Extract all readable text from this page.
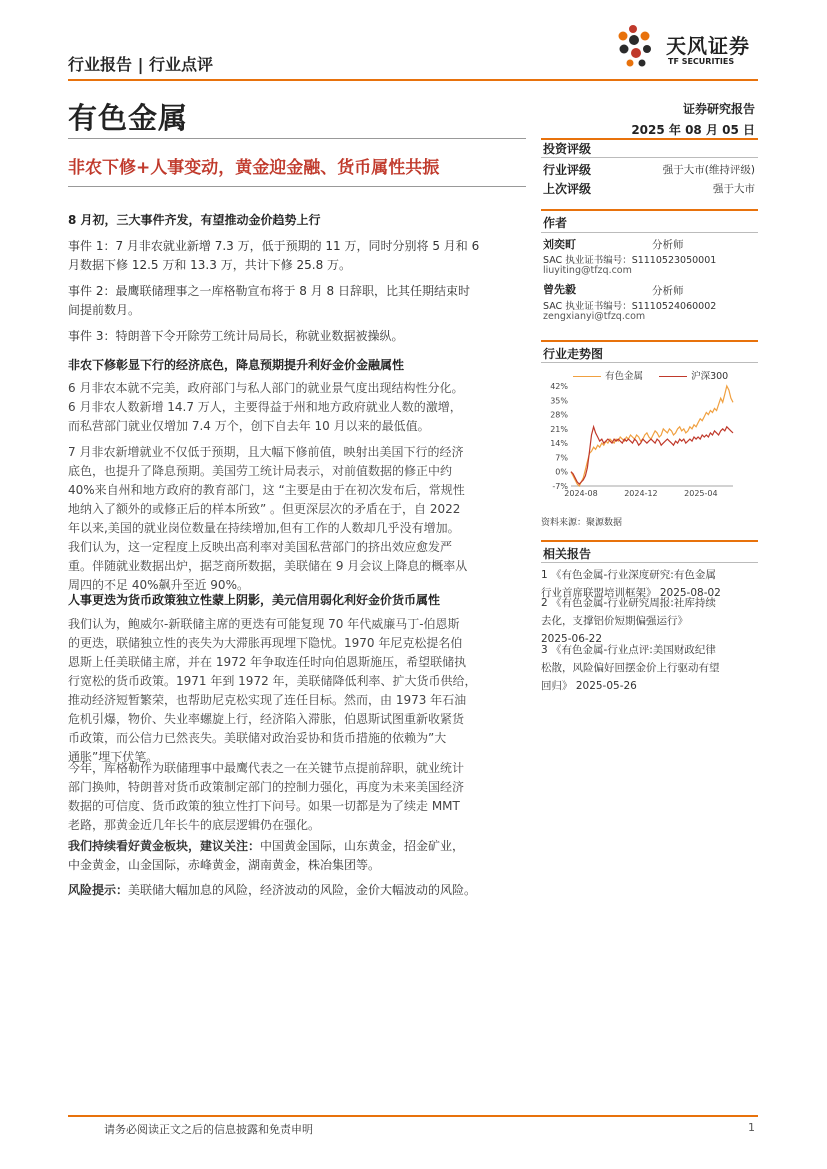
行业报告 | 行业点评
天风证券
TF SECURITIES
有色金属	证券研究报告
2025 年 08 月 05 日
非农下修+人事变动，黄金迎金融、货币属性共振
投资评级
行业评级	强于大市(维持评级)
上次评级	强于大市
作者
刘奕町	分析师
SAC 执业证书编号：S1110523050001
liuyiting@tfzq.com
曾先毅	分析师
SAC 执业证书编号：S1110524060002
zengxianyi@tfzq.com
行业走势图
有色金属	沪深300
42%
35%
28%
21%
14%
7%
0%
-7%
2024-08	2024-12	2025-04
资料来源：聚源数据
相关报告
1 《有色金属-行业深度研究:有色金属
行业首席联盟培训框架》 2025-08-02
2 《有色金属-行业研究周报:社库持续
去化，支撑铝价短期偏强运行》
2025-06-22
3 《有色金属-行业点评:美国财政纪律
松散，风险偏好回摆金价上行驱动有望
回归》 2025-05-26
8 月初，三大事件齐发，有望推动金价趋势上行
事件 1：7 月非农就业新增 7.3 万，低于预期的 11 万，同时分别将 5 月和 6
月数据下修 12.5 万和 13.3 万，共计下修 25.8 万。
事件 2：最鹰联储理事之一库格勒宣布将于 8 月 8 日辞职，比其任期结束时
间提前数月。
事件 3：特朗普下令开除劳工统计局局长，称就业数据被操纵。
非农下修彰显下行的经济底色，降息预期提升利好金价金融属性
6 月非农本就不完美，政府部门与私人部门的就业景气度出现结构性分化。
6 月非农人数新增 14.7 万人，主要得益于州和地方政府就业人数的激增，
而私营部门就业仅增加 7.4 万个，创下自去年 10 月以来的最低值。
7 月非农新增就业不仅低于预期，且大幅下修前值，映射出美国下行的经济
底色，也提升了降息预期。美国劳工统计局表示，对前值数据的修正中约
40%来自州和地方政府的教育部门，这 “主要是由于在初次发布后，常规性
地纳入了额外的或修正后的样本所致” 。但更深层次的矛盾在于，自 2022
年以来,美国的就业岗位数量在持续增加,但有工作的人数却几乎没有增加。
我们认为，这一定程度上反映出高利率对美国私营部门的挤出效应愈发严
重。伴随就业数据出炉，据芝商所数据，美联储在 9 月会议上降息的概率从
周四的不足 40%飙升至近 90%。
人事更迭为货币政策独立性蒙上阴影，美元信用弱化利好金价货币属性
我们认为，鲍威尔-新联储主席的更迭有可能复现 70 年代威廉马丁-伯恩斯
的更迭，联储独立性的丧失为大滞胀再现埋下隐忧。1970 年尼克松提名伯
恩斯上任美联储主席，并在 1972 年争取连任时向伯恩斯施压，希望联储执
行宽松的货币政策。1971 年到 1972 年，美联储降低利率、扩大货币供给，
推动经济短暂繁荣，也帮助尼克松实现了连任目标。然而，由 1973 年石油
危机引爆，物价、失业率螺旋上行，经济陷入滞胀，伯恩斯试图重新收紧货
币政策，而公信力已然丧失。美联储对政治妥协和货币措施的依赖为”大
通胀”埋下伏笔。
今年，库格勒作为联储理事中最鹰代表之一在关键节点提前辞职，就业统计
部门换帅，特朗普对货币政策制定部门的控制力强化，再度为未来美国经济
数据的可信度、货币政策的独立性打下问号。如果一切都是为了续走 MMT
老路，那黄金近几年长牛的底层逻辑仍在强化。
我们持续看好黄金板块，建议关注：中国黄金国际，山东黄金，招金矿业，
中金黄金，山金国际，赤峰黄金，湖南黄金，株冶集团等。
风险提示：美联储大幅加息的风险，经济波动的风险，金价大幅波动的风险。
请务必阅读正文之后的信息披露和免责申明	1
